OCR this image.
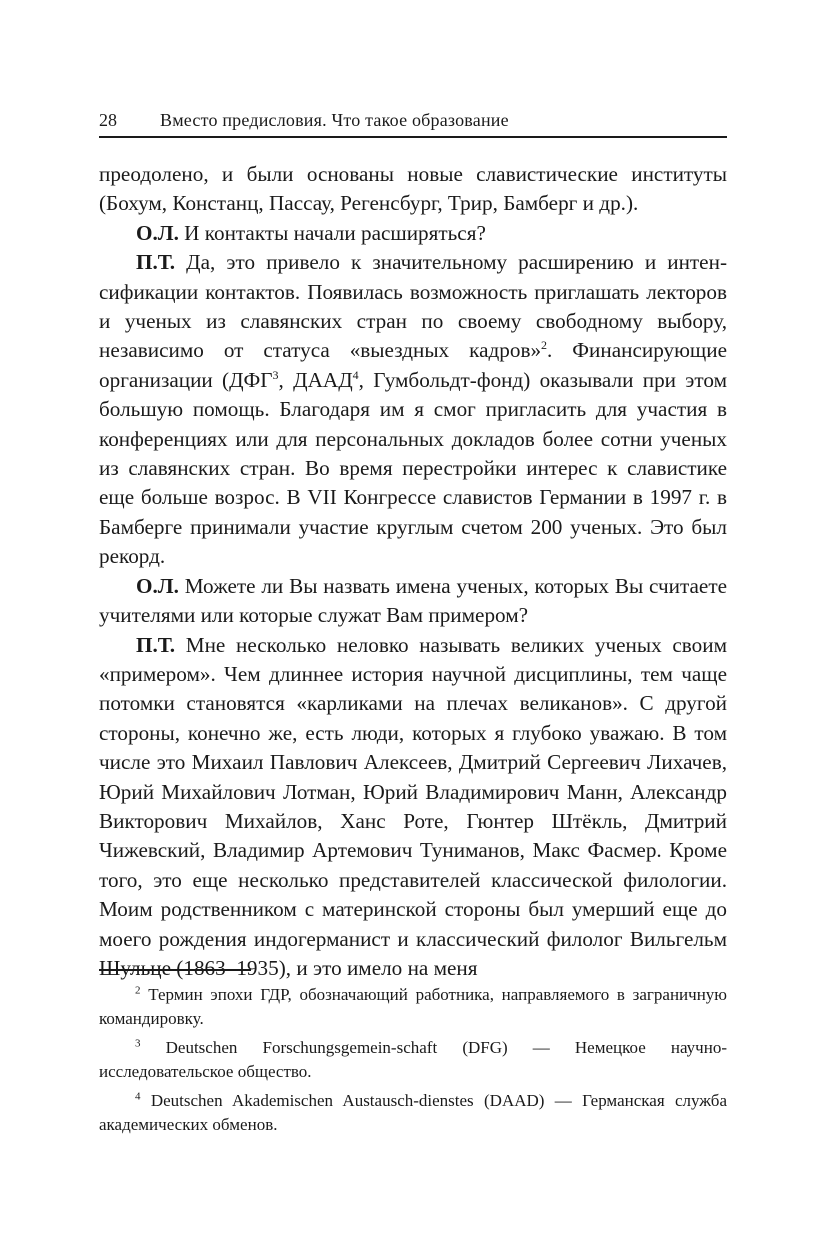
28 Вместо предисловия. Что такое образование

преодолено, и были основаны новые славистические институты (Бохум, Констанц, Пассау, Регенсбург, Трир, Бамберг и др.).

О.Л. И контакты начали расширяться?

П.Т. Да, это привело к значительному расширению и интенсификации контактов. Появилась возможность приглашать лекторов и ученых из славянских стран по своему свободному выбору, независимо от статуса «выездных кадров»$^2$. Финансирующие организации (ДФГ$^3$, ДААД$^4$, Гумбольдт-фонд) оказывали при этом большую помощь. Благодаря им я смог пригласить для участия в конференциях или для персональных докладов более сотни ученых из славянских стран. Во время перестройки интерес к славистике еще больше возрос. В VII Конгрессе славистов Германии в 1997 г. в Бамберге принимали участие круглым счетом 200 ученых. Это был рекорд.

О.Л. Можете ли Вы назвать имена ученых, которых Вы считаете учителями или которые служат Вам примером?

П.Т. Мне несколько неловко называть великих ученых своим «примером». Чем длиннее история научной дисциплины, тем чаще потомки становятся «карликами на плечах великанов». С другой стороны, конечно же, есть люди, которых я глубоко уважаю. В том числе это Михаил Павлович Алексеев, Дмитрий Сергеевич Лихачев, Юрий Михайлович Лотман, Юрий Владимирович Манн, Александр Викторович Михайлов, Ханс Роте, Гюнтер Штёкль, Дмитрий Чижевский, Владимир Артемович Туниманов, Макс Фасмер. Кроме того, это еще несколько представителей классической филологии. Моим родственником с материнской стороны был умерший еще до моего рождения индогерманист и классический филолог Вильгельм Шульце (1863–1935), и это имело на меня

$^2$ Термин эпохи ГДР, обозначающий работника, направляемого в заграничную командировку.

$^3$ Deutschen Forschungsgemein-schaft (DFG) — Немецкое научно-исследовательское общество.

$^4$ Deutschen Akademischen Austausch-dienstes (DAAD) — Германская служба академических обменов.
